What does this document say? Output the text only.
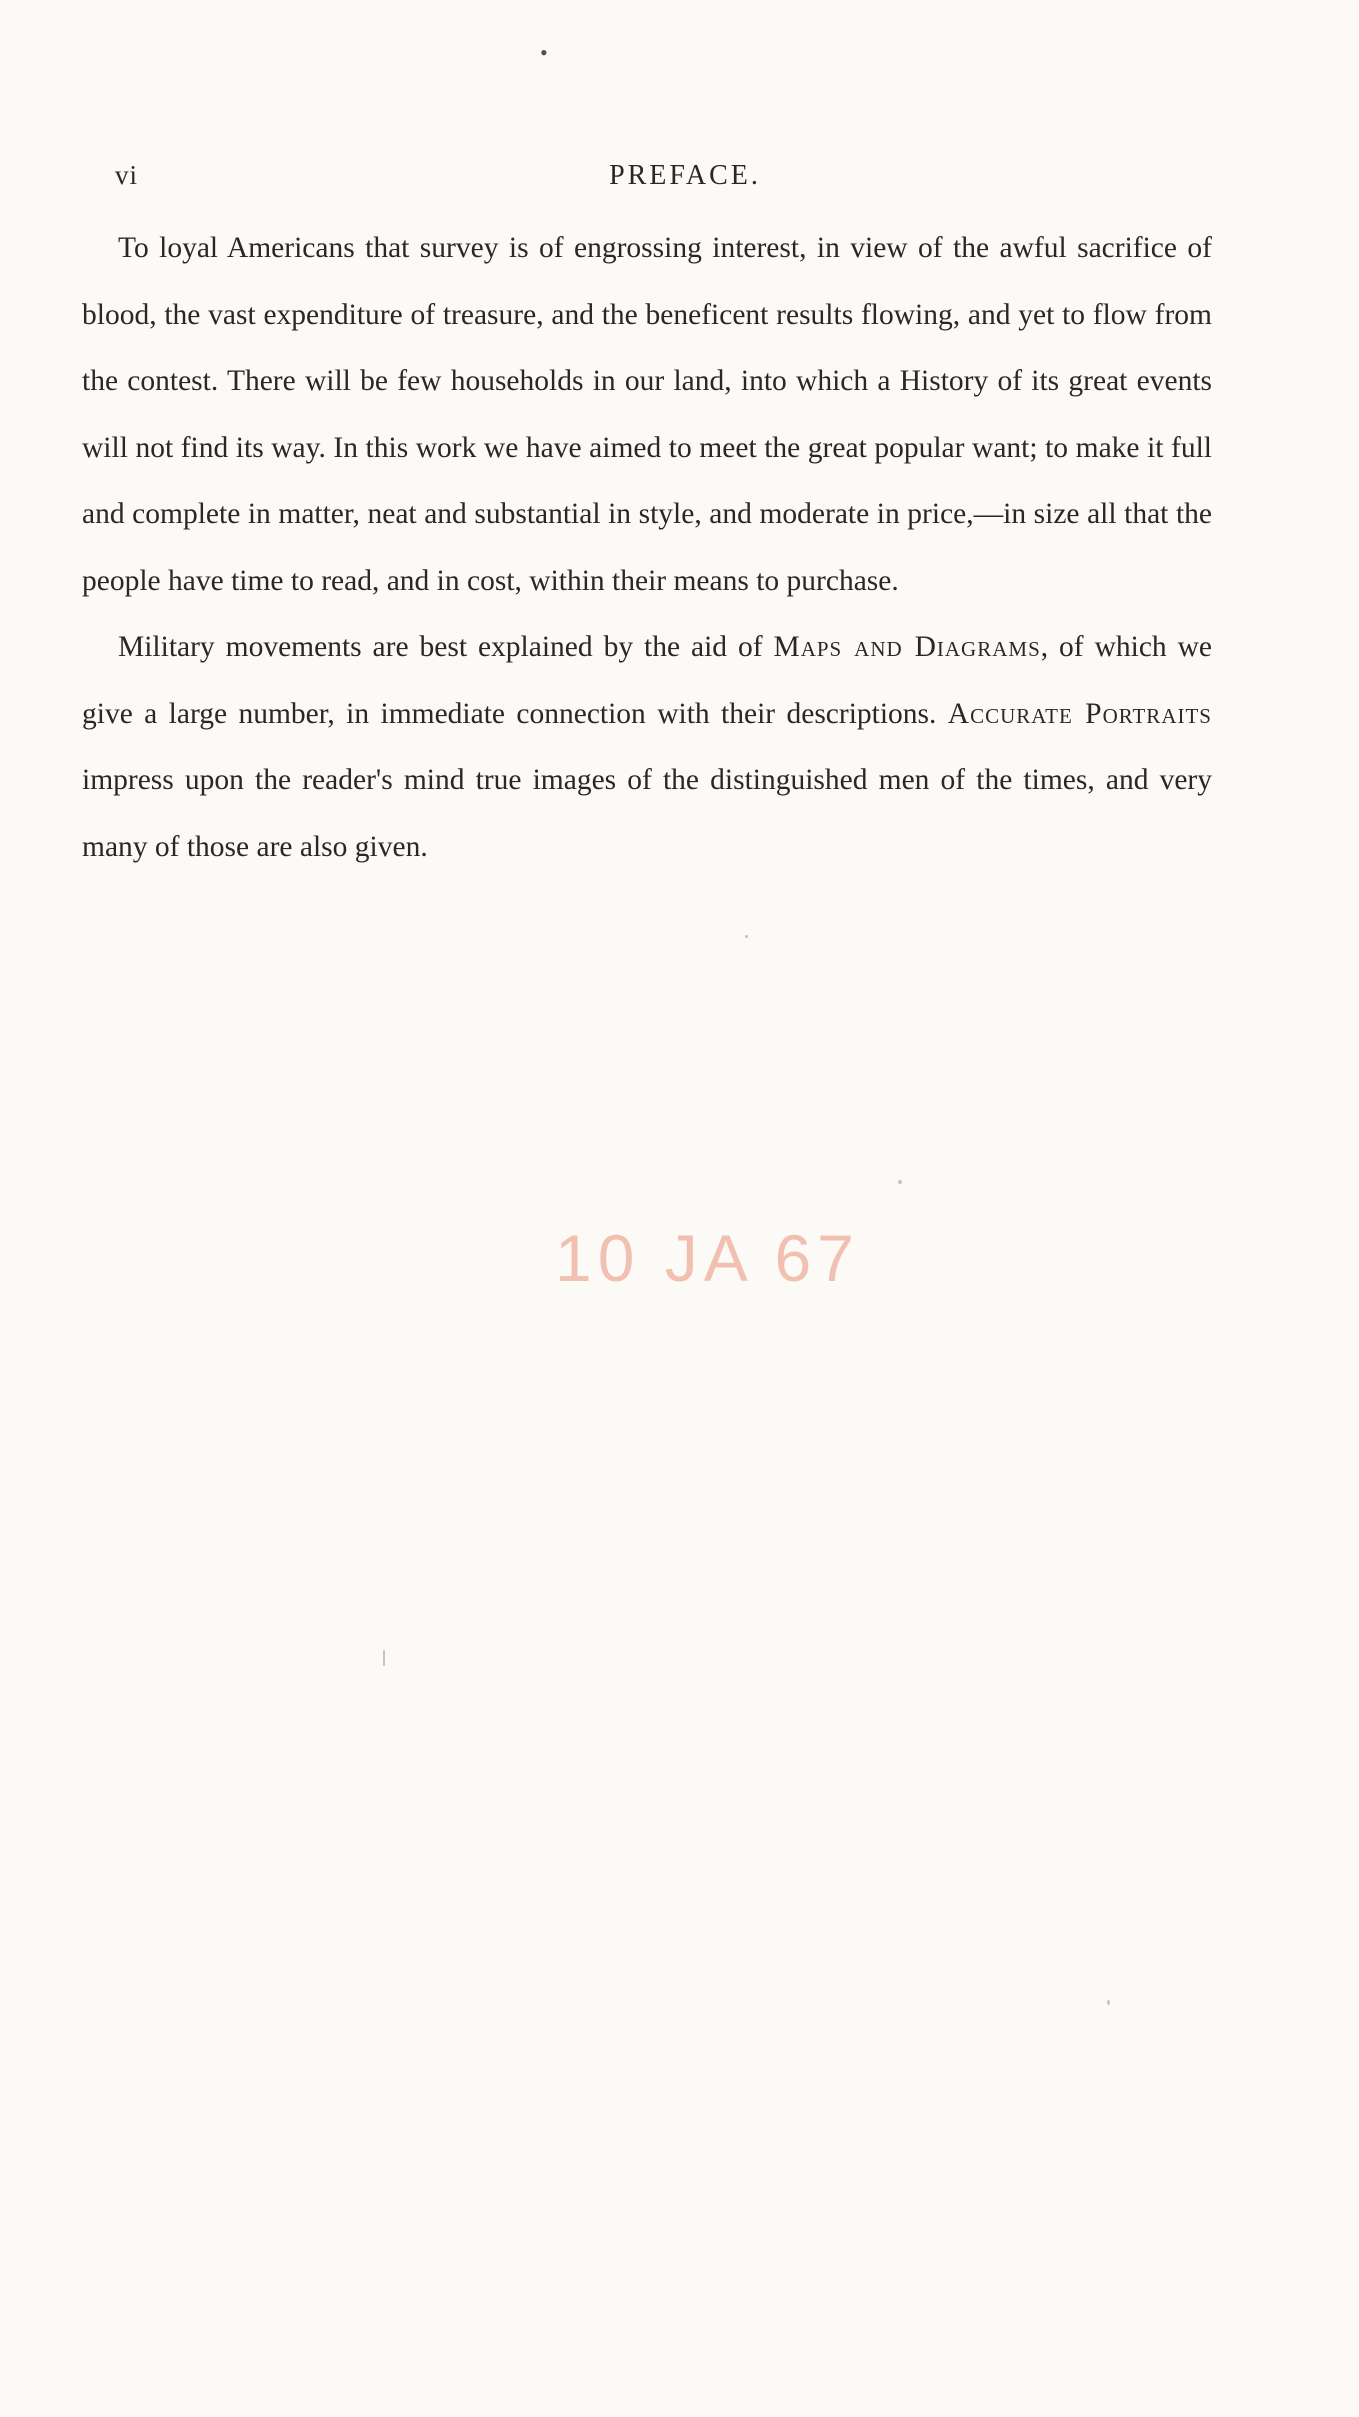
•
vi	PREFACE.

To loyal Americans that survey is of engrossing interest, in view of the awful sacrifice of blood, the vast expenditure of treasure, and the beneficent results flowing, and yet to flow from the contest. There will be few households in our land, into which a History of its great events will not find its way. In this work we have aimed to meet the great popular want; to make it full and complete in matter, neat and substantial in style, and moderate in price,—in size all that the people have time to read, and in cost, within their means to purchase.

Military movements are best explained by the aid of Maps and Diagrams, of which we give a large number, in immediate connection with their descriptions. Accurate Portraits impress upon the reader's mind true images of the distinguished men of the times, and very many of those are also given.

10 JA 67
